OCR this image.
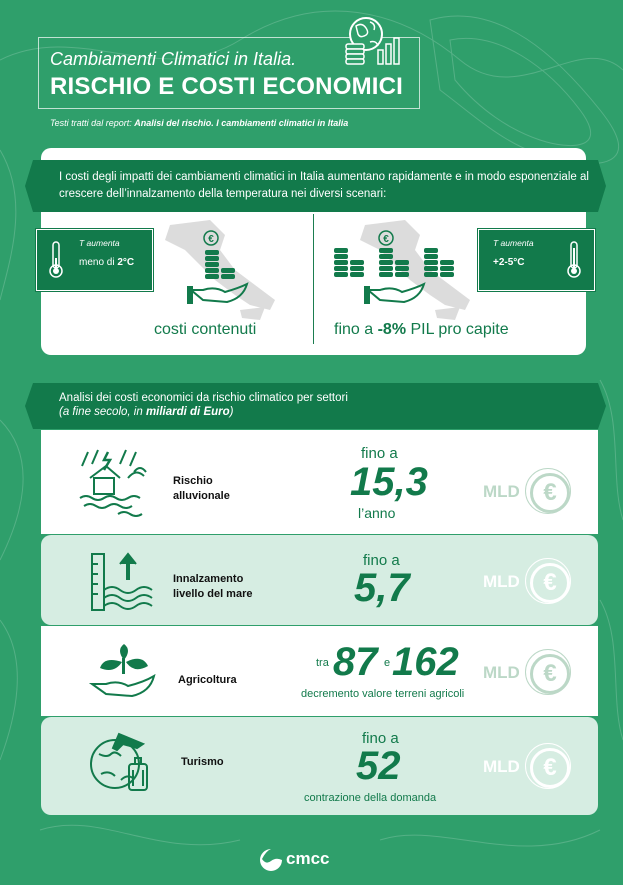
Cambiamenti Climatici in Italia.
RISCHIO E COSTI ECONOMICI
Testi tratti dal report: Analisi del rischio. I cambiamenti climatici in Italia

I costi degli impatti dei cambiamenti climatici in Italia aumentano rapidamente e in modo esponenziale al crescere dell’innalzamento della temperatura nei diversi scenari:

T aumenta
meno di 2°C
€
costi contenuti
€	T aumenta
+2-5°C
fino a -8% PIL pro capite

Analisi dei costi economici da rischio climatico per settori
(a fine secolo, in miliardi di Euro)

Rischio
alluvionale
fino a
15,3
l’anno
MLD €
Innalzamento
livello del mare
fino a
5,7	MLD €
Agricoltura
tra 87 e 162
decremento valore terreni agricoli
MLD €
Turismo
fino a
52
contrazione della domanda
MLD €
cmcc
